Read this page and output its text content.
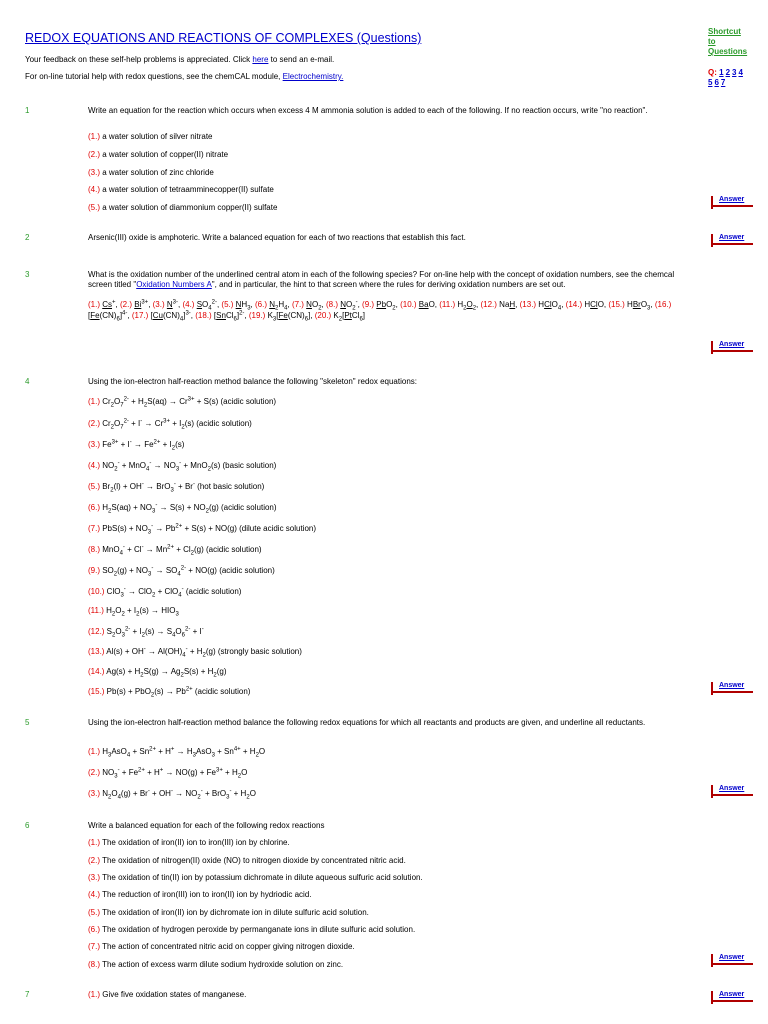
REDOX EQUATIONS AND REACTIONS OF COMPLEXES (Questions)
Your feedback on these self-help problems is appreciated. Click here to send an e-mail.
For on-line tutorial help with redox questions, see the chemCAL module, Electrochemistry.
Shortcut
to
Questions
Q: 1 2 3 4
5 6 7
1	Write an equation for the reaction which occurs when excess 4 M ammonia solution is added to each of the following. If no reaction occurs, write "no reaction".
(1.) a water solution of silver nitrate
(2.) a water solution of copper(II) nitrate
(3.) a water solution of zinc chloride
(4.) a water solution of tetraamminecopper(II) sulfate
(5.) a water solution of diammonium copper(II) sulfate
Answer
2	Arsenic(III) oxide is amphoteric. Write a balanced equation for each of two reactions that establish this fact.	Answer
3	What is the oxidation number of the underlined central atom in each of the following species? For on-line help with the concept of oxidation numbers, see the chemcal screen titled "Oxidation Numbers A", and in particular, the hint to that screen where the rules for deriving oxidation numbers are set out.
(1.) Cs+, (2.) $Bi^{3+}$, (3.) $N^{3-}$, (4.) $SO_4^{2-}$, (5.) $NH_3$, (6.) $N_2H_4$, (7.) $NO_2$, (8.) $NO_2^-$, (9.) PbO$_2$, (10.) BaO, (11.) $H_2O_2$, (12.) NaH, (13.) HClO$_4$, (14.) HClO, (15.) HBrO$_3$, (16.) $[Fe(CN)_6]^{4-}$, (17.) $[Cu(CN)_4]^{3-}$, (18.) [SnCl$_6$]$^{2-}$, (19.) $K_3[Fe(CN)_6]$, (20.) $K_2[PtCl_6]$
Answer
4	Using the ion-electron half-reaction method balance the following "skeleton" redox equations:
(1.) $Cr_2O_7^{2-} + H_2S(aq) \to Cr^{3+} + S(s)$ (acidic solution)
(2.) $Cr_2O_7^{2-} + I^- \to Cr^{3+} + I_2(s)$ (acidic solution)
(3.) $Fe^{3+} + I^- \to Fe^{2+} + I_2(s)$
(4.) $NO_2^- + MnO_4^- \to NO_3^- + MnO_2(s)$ (basic solution)
(5.) $Br_2(l) + OH^- \to BrO_3^- + Br^-$ (hot basic solution)
(6.) $H_2S(aq) + NO_3^- \to S(s) + NO_2(g)$ (acidic solution)
(7.) $PbS(s) + NO_3^- \to Pb^{2+} + S(s) + NO(g)$ (dilute acidic solution)
(8.) $MnO_4^- + Cl^- \to Mn^{2+} + Cl_2(g)$ (acidic solution)
(9.) $SO_2(g) + NO_3^- \to SO_4^{2-} + NO(g)$ (acidic solution)
(10.) ClO$_3$- → ClO$_2$ + ClO$_4$- (acidic solution)
(11.) $H_2O_2 + I_2(s) \to HIO_3$
(12.) $S_2O_3^{2-} + I_2(s) \to S_4O_6^{2-} + I^-$
(13.) $Al(s) + OH^- \to Al(OH)_4^- + H_2(g)$ (strongly basic solution)
(14.) $Ag(s) + H_2S(g) \to Ag_2S(s) + H_2(g)$
(15.) $Pb(s) + PbO_2(s) \to Pb^{2+}$ (acidic solution)
Answer
5	Using the ion-electron half-reaction method balance the following redox equations for which all reactants and products are given, and underline all reductants.
(1.) $H_3AsO_4 + Sn^{2+} + H^+ \to H_3AsO_3 + Sn^{4+} + H_2O$
(2.) $NO_3^- + Fe^{2+} + H^+ \to NO(g) + Fe^{3+} + H_2O$
(3.) $N_2O_4(g) + Br^- + OH^- \to NO_2^- + BrO_3^- + H_2O$
Answer
6	Write a balanced equation for each of the following redox reactions
(1.) The oxidation of iron(II) ion to iron(III) ion by chlorine.
(2.) The oxidation of nitrogen(II) oxide (NO) to nitrogen dioxide by concentrated nitric acid.
(3.) The oxidation of tin(II) ion by potassium dichromate in dilute aqueous sulfuric acid solution.
(4.) The reduction of iron(III) ion to iron(II) ion by hydriodic acid.
(5.) The oxidation of iron(II) ion by dichromate ion in dilute sulfuric acid solution.
(6.) The oxidation of hydrogen peroxide by permanganate ions in dilute sulfuric acid solution.
(7.) The action of concentrated nitric acid on copper giving nitrogen dioxide.
(8.) The action of excess warm dilute sodium hydroxide solution on zinc.
Answer
7	(1.) Give five oxidation states of manganese.	Answer
